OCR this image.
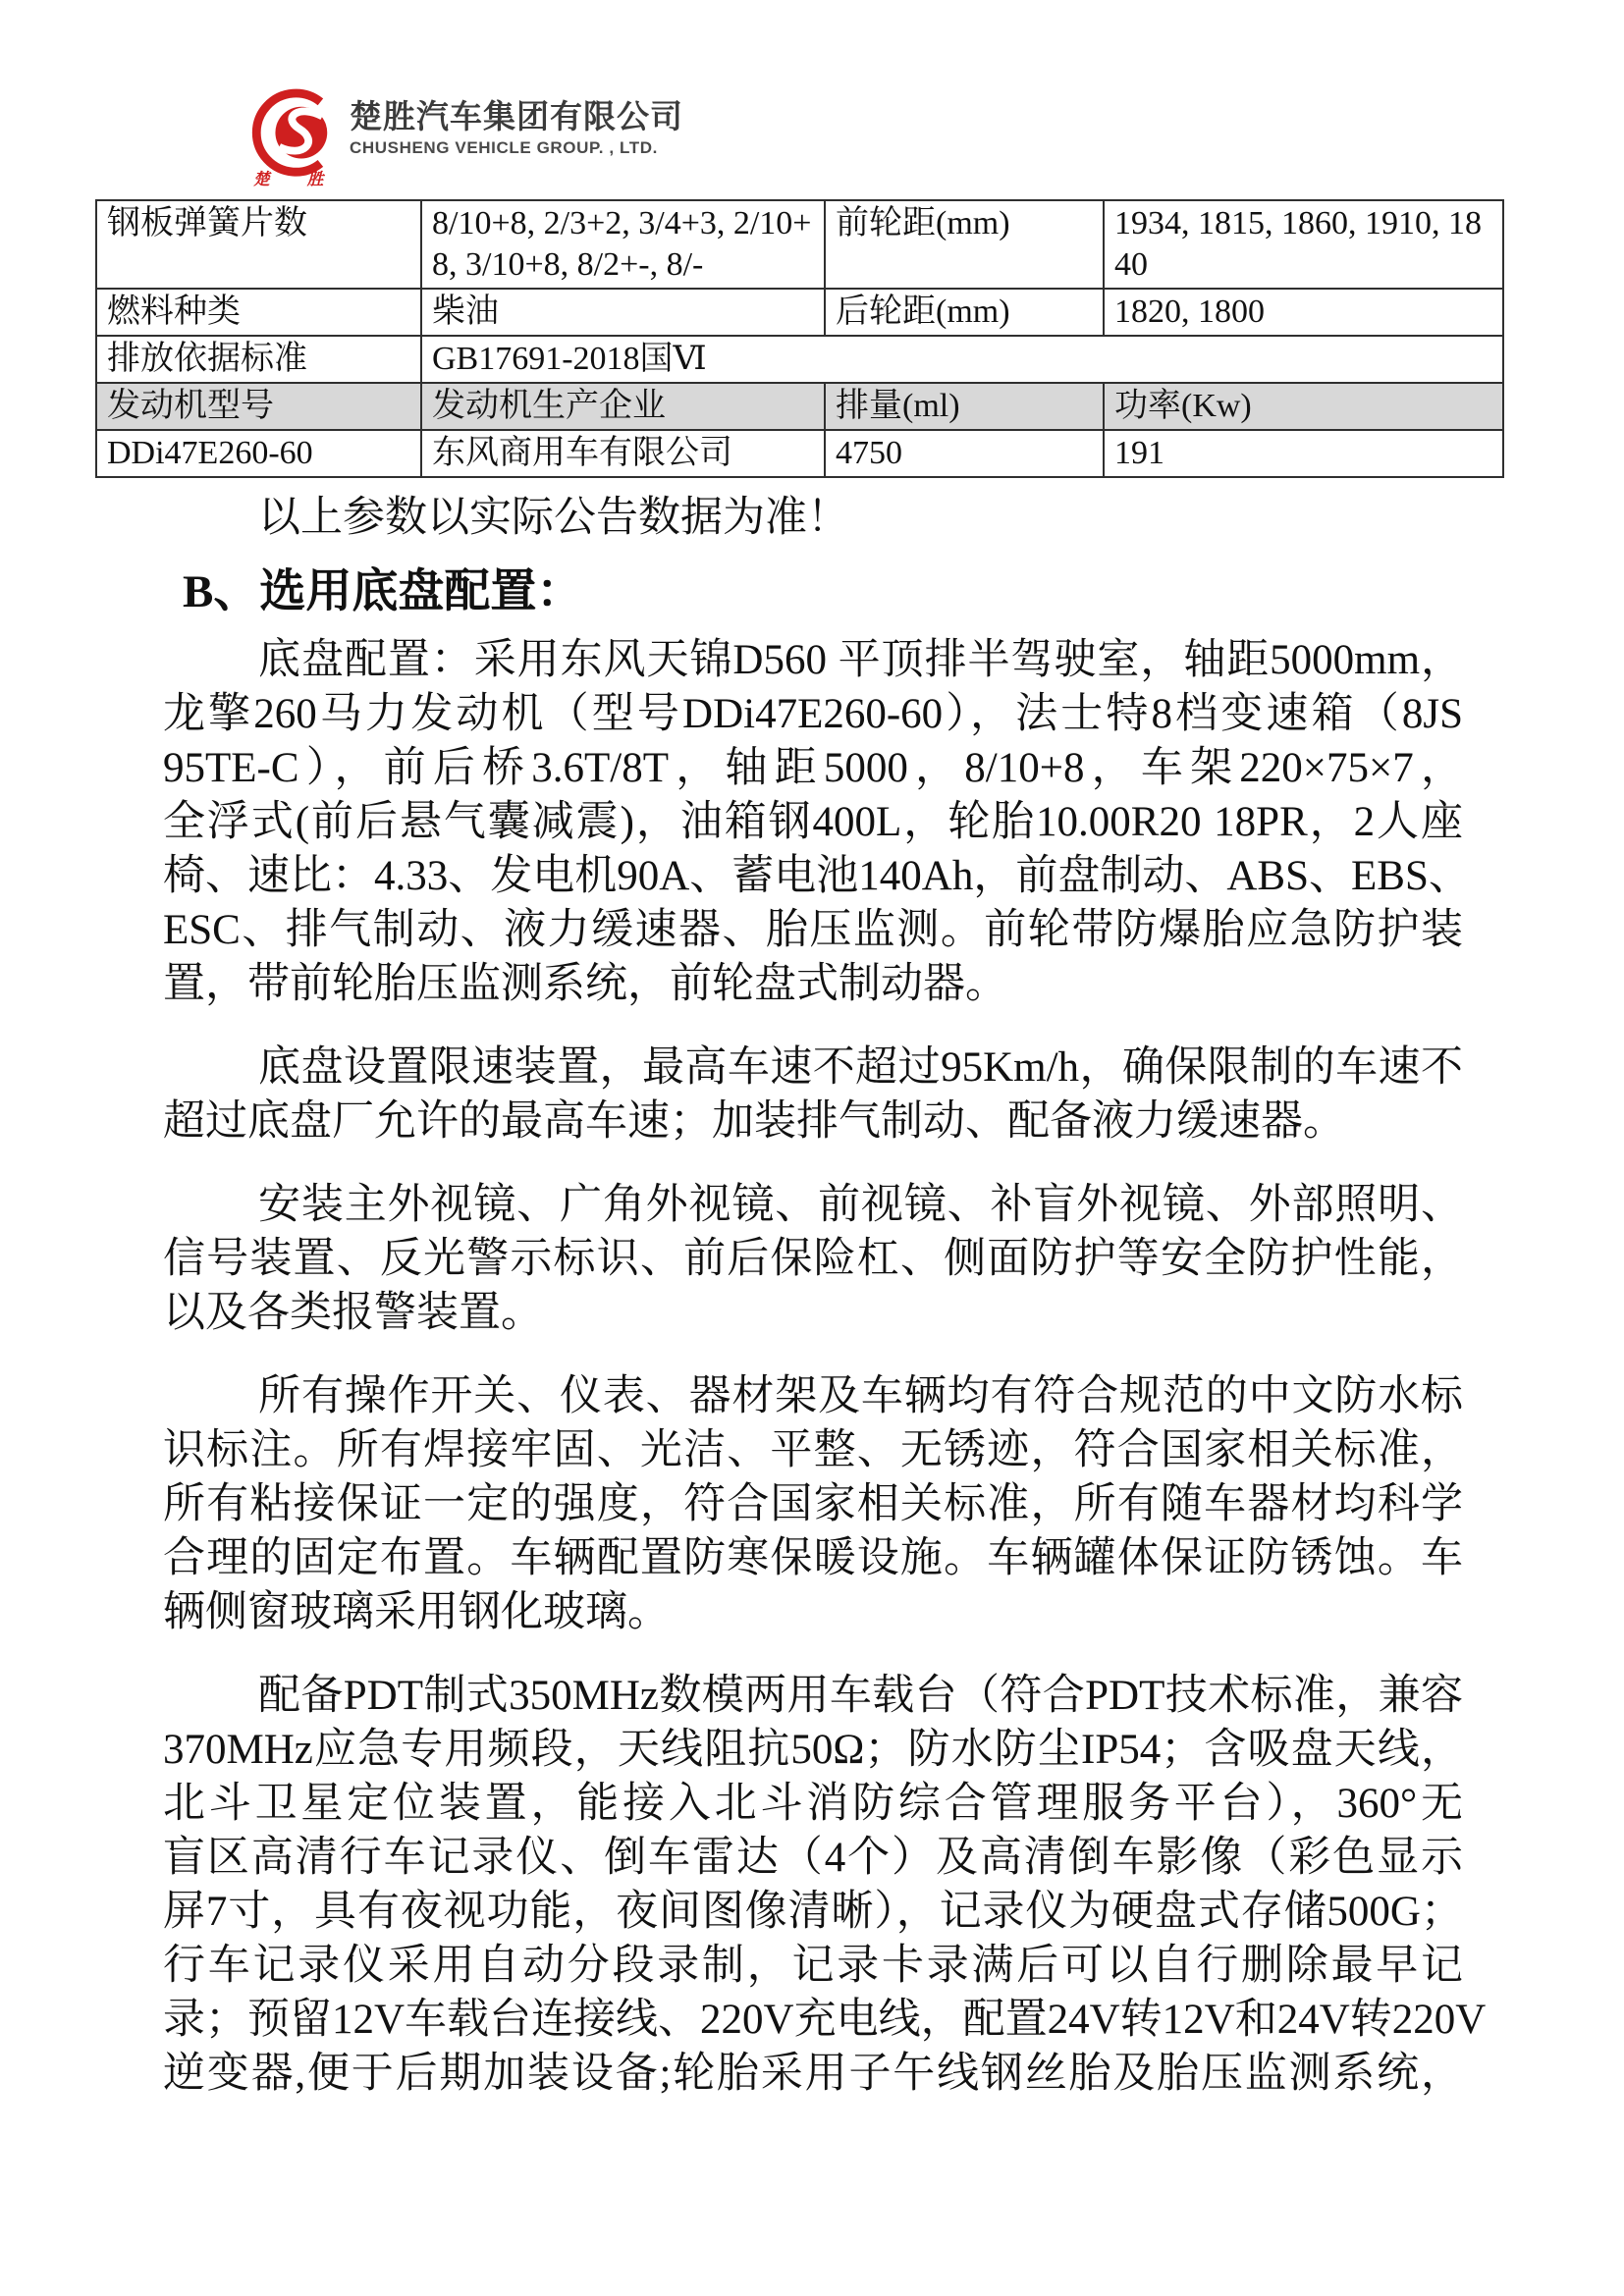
楚 胜
楚胜汽车集团有限公司
CHUSHENG VEHICLE GROUP. , LTD.
钢板弹簧片数	8/10+8, 2/3+2, 3/4+3, 2/10+8, 3/10+8, 8/2+-, 8/-	前轮距(mm)	1934, 1815, 1860, 1910, 1840
燃料种类	柴油	后轮距(mm)	1820, 1800
排放依据标准	GB17691-2018国Ⅵ		
发动机型号	发动机生产企业	排量(ml)	功率(Kw)
DDi47E260-60	东风商用车有限公司	4750	191
以上参数以实际公告数据为准！
B、选用底盘配置：
底盘配置：采用东风天锦D560 平顶排半驾驶室，轴距5000mm，
龙擎260马力发动机（型号DDi47E260-60），法士特8档变速箱（8JS
95TE-C），前后桥3.6T/8T，轴距5000，8/10+8，车架220×75×7，
全浮式(前后悬气囊减震)，油箱钢400L，轮胎10.00R20 18PR，2人座
椅、速比：4.33、发电机90A、蓄电池140Ah，前盘制动、ABS、EBS、
ESC、排气制动、液力缓速器、胎压监测。前轮带防爆胎应急防护装
置，带前轮胎压监测系统，前轮盘式制动器。
底盘设置限速装置，最高车速不超过95Km/h，确保限制的车速不
超过底盘厂允许的最高车速；加装排气制动、配备液力缓速器。
安装主外视镜、广角外视镜、前视镜、补盲外视镜、外部照明、
信号装置、反光警示标识、前后保险杠、侧面防护等安全防护性能，
以及各类报警装置。
所有操作开关、仪表、器材架及车辆均有符合规范的中文防水标
识标注。所有焊接牢固、光洁、平整、无锈迹，符合国家相关标准，
所有粘接保证一定的强度，符合国家相关标准，所有随车器材均科学
合理的固定布置。车辆配置防寒保暖设施。车辆罐体保证防锈蚀。车
辆侧窗玻璃采用钢化玻璃。
配备PDT制式350MHz数模两用车载台（符合PDT技术标准，兼容
370MHz应急专用频段，天线阻抗50Ω；防水防尘IP54；含吸盘天线，
北斗卫星定位装置，能接入北斗消防综合管理服务平台），360°无
盲区高清行车记录仪、倒车雷达（4个）及高清倒车影像（彩色显示
屏7寸，具有夜视功能，夜间图像清晰），记录仪为硬盘式存储500G；
行车记录仪采用自动分段录制，记录卡录满后可以自行删除最早记
录；预留12V车载台连接线、220V充电线，配置24V转12V和24V转220V
逆变器,便于后期加装设备;轮胎采用子午线钢丝胎及胎压监测系统，
